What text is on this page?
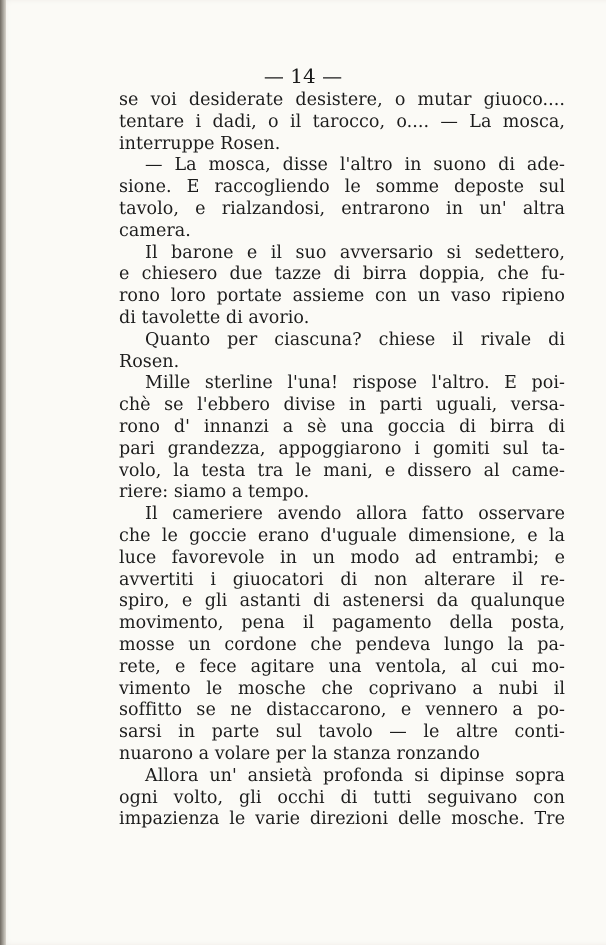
— 14 —
se voi desiderate desistere, o mutar giuoco....
tentare i dadi, o il tarocco, o.... — La mosca,
interruppe Rosen.
— La mosca, disse l'altro in suono di ade-
sione. E raccogliendo le somme deposte sul
tavolo, e rialzandosi, entrarono in un' altra
camera.
Il barone e il suo avversario si sedettero,
e chiesero due tazze di birra doppia, che fu-
rono loro portate assieme con un vaso ripieno
di tavolette di avorio.
Quanto per ciascuna? chiese il rivale di
Rosen.
Mille sterline l'una! rispose l'altro. E poi-
chè se l'ebbero divise in parti uguali, versa-
rono d' innanzi a sè una goccia di birra di
pari grandezza, appoggiarono i gomiti sul ta-
volo, la testa tra le mani, e dissero al came-
riere: siamo a tempo.
Il cameriere avendo allora fatto osservare
che le goccie erano d'uguale dimensione, e la
luce favorevole in un modo ad entrambi; e
avvertiti i giuocatori di non alterare il re-
spiro, e gli astanti di astenersi da qualunque
movimento, pena il pagamento della posta,
mosse un cordone che pendeva lungo la pa-
rete, e fece agitare una ventola, al cui mo-
vimento le mosche che coprivano a nubi il
soffitto se ne distaccarono, e vennero a po-
sarsi in parte sul tavolo — le altre conti-
nuarono a volare per la stanza ronzando
Allora un' ansietà profonda si dipinse sopra
ogni volto, gli occhi di tutti seguivano con
impazienza le varie direzioni delle mosche. Tre
